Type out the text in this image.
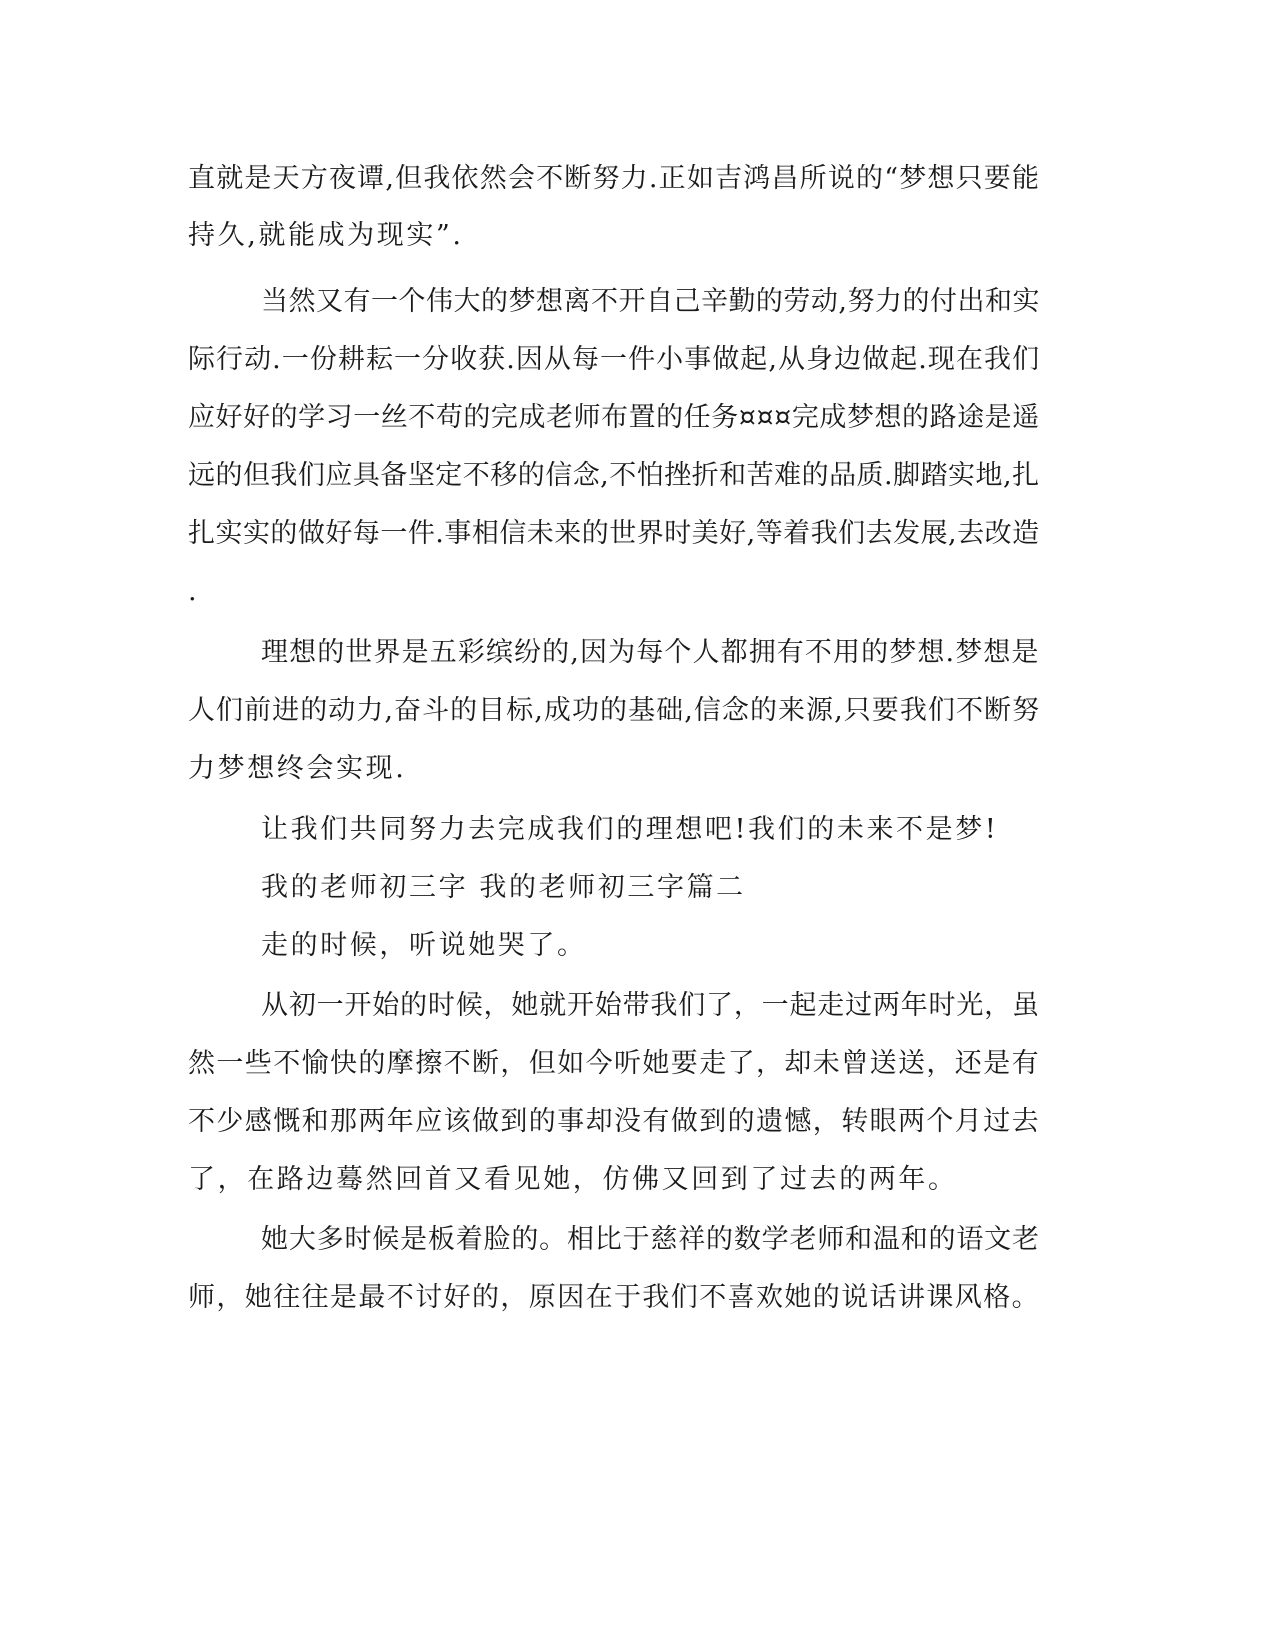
直就是天方夜谭,但我依然会不断努力.正如吉鸿昌所说的“梦想只要能
持久,就能成为现实”.
当然又有一个伟大的梦想离不开自己辛勤的劳动,努力的付出和实
际行动.一份耕耘一分收获.因从每一件小事做起,从身边做起.现在我们
应好好的学习一丝不苟的完成老师布置的任务¤¤¤完成梦想的路途是遥
远的但我们应具备坚定不移的信念,不怕挫折和苦难的品质.脚踏实地,扎
扎实实的做好每一件.事相信未来的世界时美好,等着我们去发展,去改造
.
理想的世界是五彩缤纷的,因为每个人都拥有不用的梦想.梦想是
人们前进的动力,奋斗的目标,成功的基础,信念的来源,只要我们不断努
力梦想终会实现.
让我们共同努力去完成我们的理想吧!我们的未来不是梦!
我的老师初三字 我的老师初三字篇二
走的时候，听说她哭了。
从初一开始的时候，她就开始带我们了，一起走过两年时光，虽
然一些不愉快的摩擦不断，但如今听她要走了，却未曾送送，还是有
不少感慨和那两年应该做到的事却没有做到的遗憾，转眼两个月过去
了，在路边蓦然回首又看见她，仿佛又回到了过去的两年。
她大多时候是板着脸的。相比于慈祥的数学老师和温和的语文老
师，她往往是最不讨好的，原因在于我们不喜欢她的说话讲课风格。
